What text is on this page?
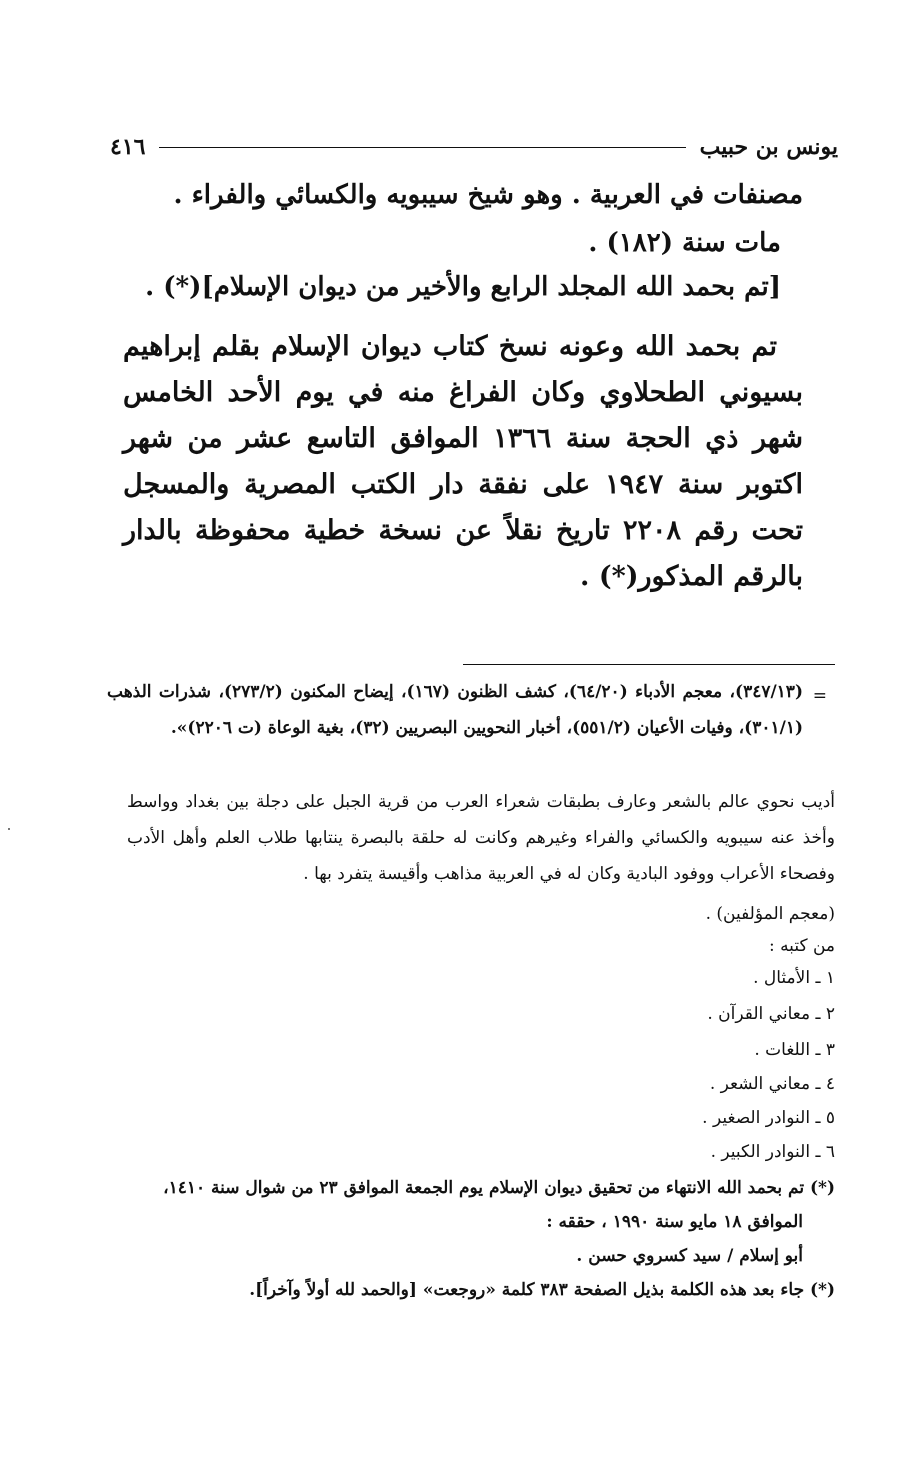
يونس بن حبيب
٤١٦
مصنفات في العربية . وهو شيخ سيبويه والكسائي والفراء .
مات سنة (١٨٢) .
[تم بحمد الله المجلد الرابع والأخير من ديوان الإسلام](*) .

تم بحمد الله وعونه نسخ كتاب ديوان الإسلام بقلم إبراهيم بسيوني الطحلاوي وكان الفراغ منه في يوم الأحد الخامس شهر ذي الحجة سنة ١٣٦٦ الموافق التاسع عشر من شهر اكتوبر سنة ١٩٤٧ على نفقة دار الكتب المصرية والمسجل تحت رقم ٢٢٠٨ تاريخ نقلاً عن نسخة خطية محفوظة بالدار بالرقم المذكور(*) .

=
(٣٤٧/١٣)، معجم الأدباء (٦٤/٢٠)، كشف الظنون (١٦٧)، إيضاح المكنون (٢٧٣/٢)، شذرات الذهب (٣٠١/١)، وفيات الأعيان (٥٥١/٢)، أخبار النحويين البصريين (٣٢)، بغية الوعاة (ت ٢٢٠٦)».
أديب نحوي عالم بالشعر وعارف بطبقات شعراء العرب من قرية الجبل على دجلة بين بغداد وواسط وأخذ عنه سيبويه والكسائي والفراء وغيرهم وكانت له حلقة بالبصرة ينتابها طلاب العلم وأهل الأدب وفصحاء الأعراب ووفود البادية وكان له في العربية مذاهب وأقيسة يتفرد بها .
(معجم المؤلفين) .
من كتبه :
١ ـ الأمثال .
٢ ـ معاني القرآن .
٣ ـ اللغات .
٤ ـ معاني الشعر .
٥ ـ النوادر الصغير .
٦ ـ النوادر الكبير .
(*) تم بحمد الله الانتهاء من تحقيق ديوان الإسلام يوم الجمعة الموافق ٢٣ من شوال سنة ١٤١٠،
الموافق ١٨ مايو سنة ١٩٩٠ ، حققه :
أبو إسلام / سيد كسروي حسن .
(*) جاء بعد هذه الكلمة بذيل الصفحة ٣٨٣ كلمة «روجعت» [والحمد لله أولاً وآخراً].
